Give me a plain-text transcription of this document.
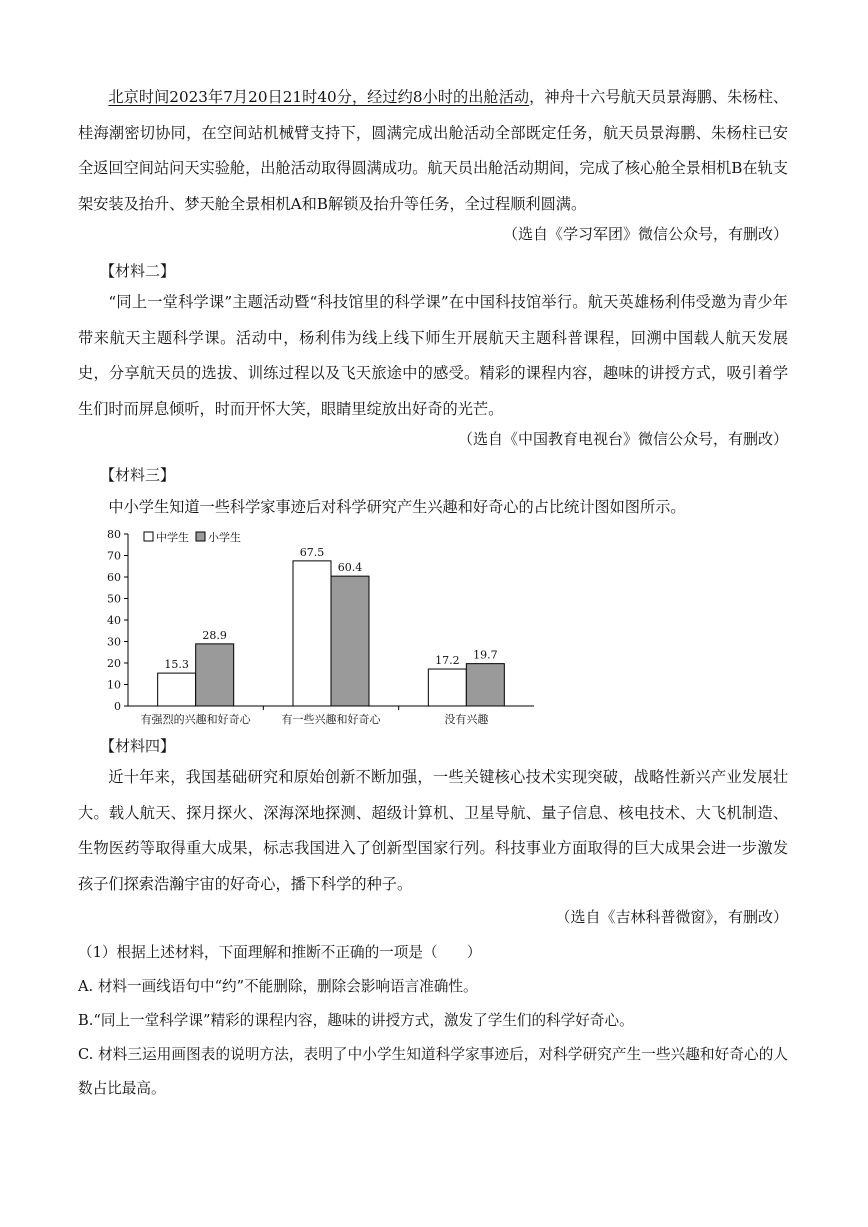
北京时间2023年7月20日21时40分，经过约8小时的出舱活动，神舟十六号航天员景海鹏、朱杨柱、桂海潮密切协同，在空间站机械臂支持下，圆满完成出舱活动全部既定任务，航天员景海鹏、朱杨柱已安全返回空间站问天实验舱，出舱活动取得圆满成功。航天员出舱活动期间，完成了核心舱全景相机B在轨支架安装及抬升、梦天舱全景相机A和B解锁及抬升等任务，全过程顺利圆满。

（选自《学习军团》微信公众号，有删改）

【材料二】

“同上一堂科学课”主题活动暨“科技馆里的科学课”在中国科技馆举行。航天英雄杨利伟受邀为青少年带来航天主题科学课。活动中，杨利伟为线上线下师生开展航天主题科普课程，回溯中国载人航天发展史，分享航天员的选拔、训练过程以及飞天旅途中的感受。精彩的课程内容，趣味的讲授方式，吸引着学生们时而屏息倾听，时而开怀大笑，眼睛里绽放出好奇的光芒。

（选自《中国教育电视台》微信公众号，有删改）

【材料三】

中小学生知道一些科学家事迹后对科学研究产生兴趣和好奇心的占比统计图如图所示。

0
10
20
30
40
50
60
70
80
15.3
28.9
有强烈的兴趣和好奇心
67.5
60.4
有一些兴趣和好奇心
17.2 19.7
没有兴趣
中学生 小学生

【材料四】

近十年来，我国基础研究和原始创新不断加强，一些关键核心技术实现突破，战略性新兴产业发展壮大。载人航天、探月探火、深海深地探测、超级计算机、卫星导航、量子信息、核电技术、大飞机制造、生物医药等取得重大成果，标志我国进入了创新型国家行列。科技事业方面取得的巨大成果会进一步激发孩子们探索浩瀚宇宙的好奇心，播下科学的种子。

（选自《吉林科普微窗》，有删改）

（1）根据上述材料，下面理解和推断不正确的一项是（　　）

A. 材料一画线语句中“约”不能删除，删除会影响语言准确性。

B.“同上一堂科学课”精彩的课程内容，趣味的讲授方式，激发了学生们的科学好奇心。

C. 材料三运用画图表的说明方法，表明了中小学生知道科学家事迹后，对科学研究产生一些兴趣和好奇心的人数占比最高。
